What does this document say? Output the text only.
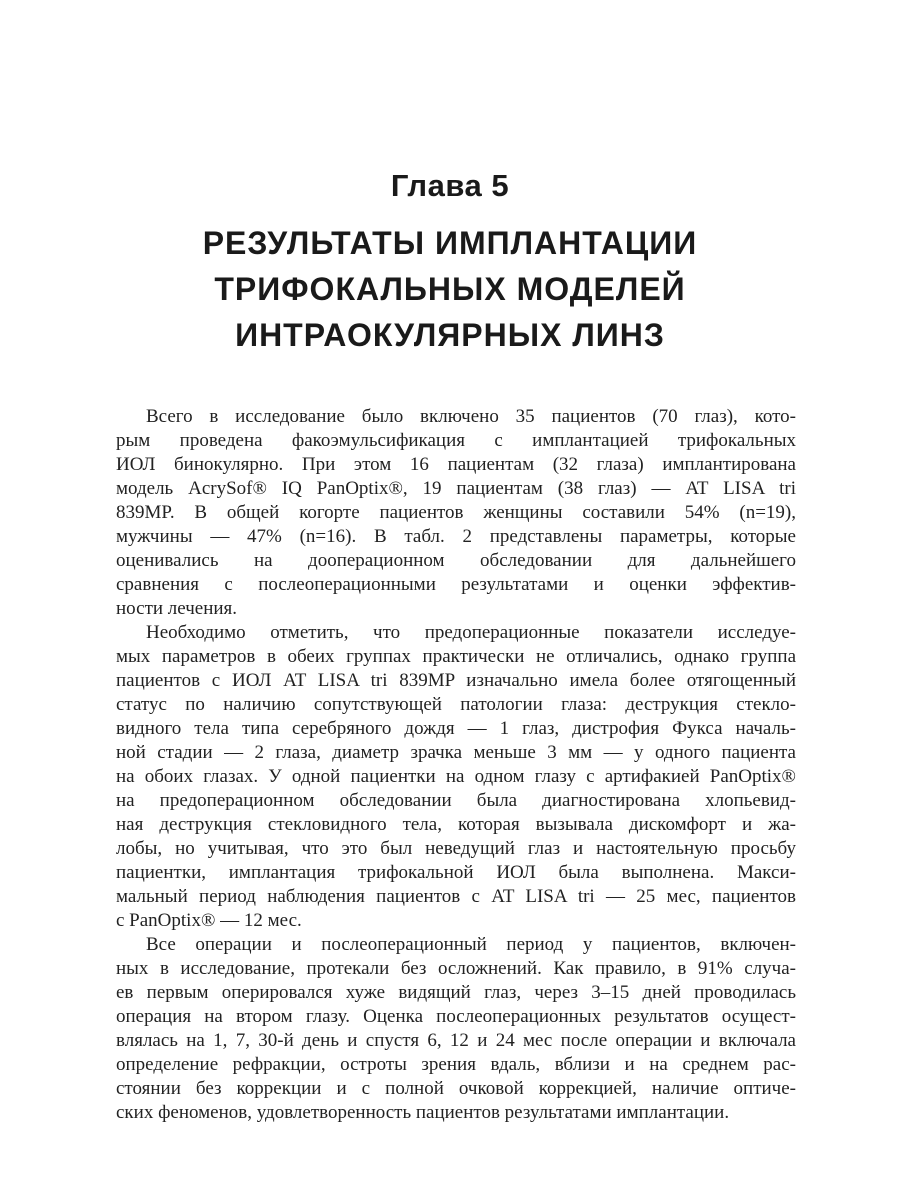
Глава 5
РЕЗУЛЬТАТЫ ИМПЛАНТАЦИИ
ТРИФОКАЛЬНЫХ МОДЕЛЕЙ
ИНТРАОКУЛЯРНЫХ ЛИНЗ
Всего в исследование было включено 35 пациентов (70 глаз), кото-
рым проведена факоэмульсификация с имплантацией трифокальных
ИОЛ бинокулярно. При этом 16 пациентам (32 глаза) имплантирована
модель AcrySof® IQ PanOptix®, 19 пациентам (38 глаз) — AT LISA tri
839MP. В общей когорте пациентов женщины составили 54% (n=19),
мужчины — 47% (n=16). В табл. 2 представлены параметры, которые
оценивались на дооперационном обследовании для дальнейшего
сравнения с послеоперационными результатами и оценки эффектив-
ности лечения.
Необходимо отметить, что предоперационные показатели исследуе-
мых параметров в обеих группах практически не отличались, однако группа
пациентов с ИОЛ AT LISA tri 839MP изначально имела более отягощенный
статус по наличию сопутствующей патологии глаза: деструкция стекло-
видного тела типа серебряного дождя — 1 глаз, дистрофия Фукса началь-
ной стадии — 2 глаза, диаметр зрачка меньше 3 мм — у одного пациента
на обоих глазах. У одной пациентки на одном глазу с артифакией PanOptix®
на предоперационном обследовании была диагностирована хлопьевид-
ная деструкция стекловидного тела, которая вызывала дискомфорт и жа-
лобы, но учитывая, что это был неведущий глаз и настоятельную просьбу
пациентки, имплантация трифокальной ИОЛ была выполнена. Макси-
мальный период наблюдения пациентов с AT LISA tri — 25 мес, пациентов
с PanOptix® — 12 мес.
Все операции и послеоперационный период у пациентов, включен-
ных в исследование, протекали без осложнений. Как правило, в 91% случа-
ев первым оперировался хуже видящий глаз, через 3–15 дней проводилась
операция на втором глазу. Оценка послеоперационных результатов осущест-
влялась на 1, 7, 30-й день и спустя 6, 12 и 24 мес после операции и включала
определение рефракции, остроты зрения вдаль, вблизи и на среднем рас-
стоянии без коррекции и с полной очковой коррекцией, наличие оптиче-
ских феноменов, удовлетворенность пациентов результатами имплантации.
